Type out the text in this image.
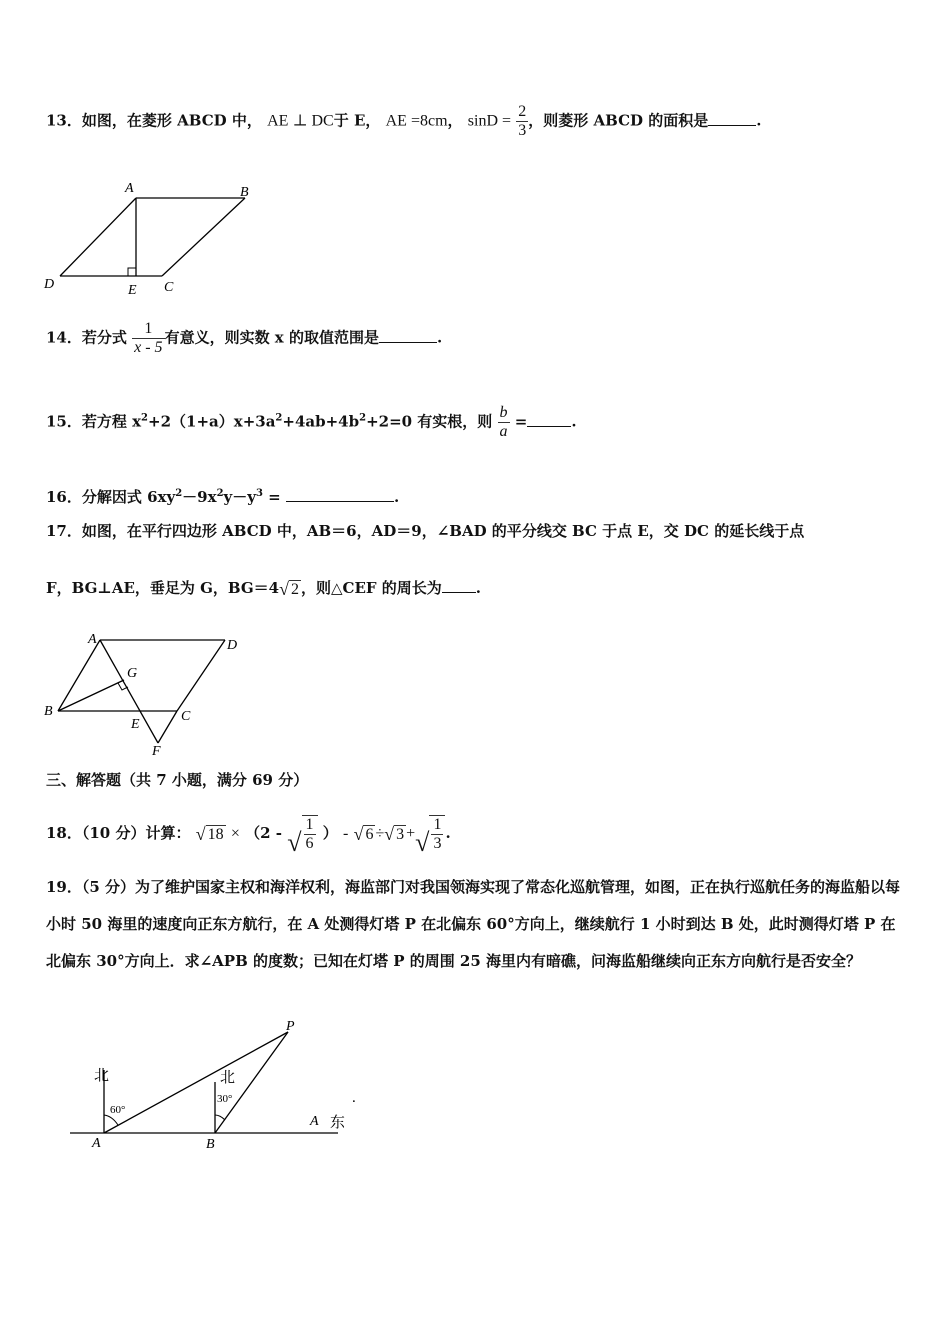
13．如图，在菱形 ABCD 中， AE ⊥ DC于 E， AE =8cm， $\sin D = \frac{2}{3}$ ，则菱形 ABCD 的面积是	.
A	B
C
D	E
14．若分式 $\frac{1}{x - 5}$ 有意义，则实数 x 的取值范围是	.
15．若方程 $x^2+2(1+a)x+3a^2+4ab+4b^2+2=0$ 有实根，则 $\frac{b}{a}$ =	.
16．分解因式 $6xy^2-9x^2y-y^3$ =	.
17．如图，在平行四边形 ABCD 中，AB＝6，AD＝9，∠BAD 的平分线交 BC 于点 E，交 DC 的延长线于点
F，BG⊥AE，垂足为 G，BG＝4 √ 2 ，则△CEF 的周长为 .
A	D
B	C
E
F
G
三、解答题（共 7 小题，满分 69 分）
18．（10 分）计算： √ 18 × （2 - √ $\frac{1}{6}$ ） - √ 6 ÷ √ 3 + √ $\frac{1}{3}$ .
19．（5 分）为了维护国家主权和海洋权利，海监部门对我国领海实现了常态化巡航管理，如图，正在执行巡航任务的海监船以每小时 50 海里的速度向正东方航行，在 A 处测得灯塔 P 在北偏东 60°方向上，继续航行 1 小时到达 B 处，此时测得灯塔 P 在北偏东 30°方向上．求∠APB 的度数；已知在灯塔 P 的周围 25 海里内有暗礁，问海监船继续向正东方向航行是否安全？
北	北
60°
30°
A	B
P
A 东
.
